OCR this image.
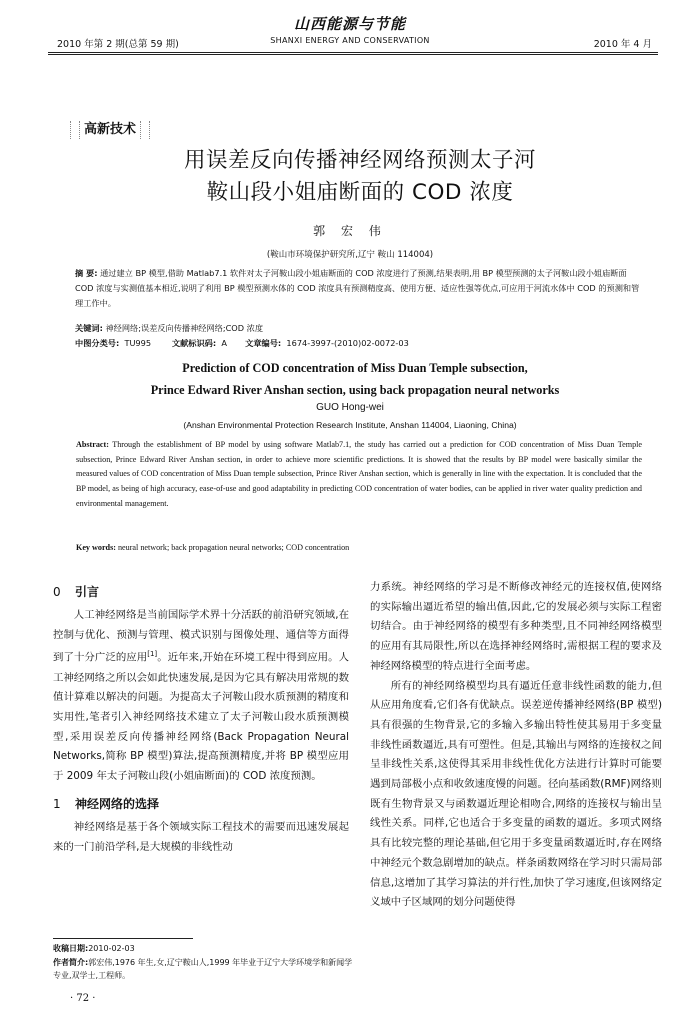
山西能源与节能
2010 年第 2 期(总第 59 期)	SHANXI ENERGY AND CONSERVATION	2010 年 4 月
高新技术
用误差反向传播神经网络预测太子河
鞍山段小姐庙断面的 COD 浓度
郭 宏 伟
(鞍山市环境保护研究所,辽宁 鞍山 114004)
摘 要: 通过建立 BP 模型,借助 Matlab7.1 软件对太子河鞍山段小姐庙断面的 COD 浓度进行了预测,结果表明,用 BP 模型预测的太子河鞍山段小姐庙断面 COD 浓度与实测值基本相近,说明了利用 BP 模型预测水体的 COD 浓度具有预测精度高、使用方便、适应性强等优点,可应用于河流水体中 COD 的预测和管理工作中。
关键词: 神经网络;误差反向传播神经网络;COD 浓度
中图分类号: TU995	文献标识码: A 文章编号: 1674-3997-(2010)02-0072-03
Prediction of COD concentration of Miss Duan Temple subsection,
Prince Edward River Anshan section, using back propagation neural networks
GUO Hong-wei
(Anshan Environmental Protection Research Institute, Anshan 114004, Liaoning, China)
Abstract: Through the establishment of BP model by using software Matlab7.1, the study has carried out a prediction for COD concentration of Miss Duan Temple subsection, Prince Edward River Anshan section, in order to achieve more scientific predictions. It is showed that the results by BP model were basically similar the measured values of COD concentration of Miss Duan temple subsection, Prince River Anshan section, which is generally in line with the expectation. It is concluded that the BP model, as being of high accuracy, ease-of-use and good adaptability in predicting COD concentration of water bodies, can be applied in river water quality prediction and environmental management.
Key words: neural network; back propagation neural networks; COD concentration
0 引言

人工神经网络是当前国际学术界十分活跃的前沿研究领域,在控制与优化、预测与管理、模式识别与图像处理、通信等方面得到了十分广泛的应用[1]。近年来,开始在环境工程中得到应用。人工神经网络之所以会如此快速发展,是因为它具有解决用常规的数值计算难以解决的问题。为提高太子河鞍山段水质预测的精度和实用性,笔者引入神经网络技术建立了太子河鞍山段水质预测模型,采用误差反向传播神经网络(Back Propagation Neural Networks,简称 BP 模型)算法,提高预测精度,并将 BP 模型应用于 2009 年太子河鞍山段(小姐庙断面)的 COD 浓度预测。

1 神经网络的选择

神经网络是基于各个领域实际工程技术的需要而迅速发展起来的一门前沿学科,是大规模的非线性动

力系统。神经网络的学习是不断修改神经元的连接权值,使网络的实际输出逼近希望的输出值,因此,它的发展必须与实际工程密切结合。由于神经网络的模型有多种类型,且不同神经网络模型的应用有其局限性,所以在选择神经网络时,需根据工程的要求及神经网络模型的特点进行全面考虑。

所有的神经网络模型均具有逼近任意非线性函数的能力,但从应用角度看,它们各有优缺点。误差逆传播神经网络(BP 模型)具有很强的生物背景,它的多输入多输出特性使其易用于多变量非线性函数逼近,具有可塑性。但是,其输出与网络的连接权之间呈非线性关系,这使得其采用非线性优化方法进行计算时可能要遇到局部极小点和收敛速度慢的问题。径向基函数(RMF)网络则既有生物背景又与函数逼近理论相吻合,网络的连接权与输出呈线性关系。同样,它也适合于多变量的函数的逼近。多项式网络具有比较完整的理论基础,但它用于多变量函数逼近时,存在网络中神经元个数急剧增加的缺点。样条函数网络在学习时只需局部信息,这增加了其学习算法的并行性,加快了学习速度,但该网络定义域中子区域网的划分问题使得

收稿日期:2010-02-03
作者简介:郭宏伟,1976 年生,女,辽宁鞍山人,1999 年毕业于辽宁大学环境学和新闻学专业,双学士,工程师。
· 72 ·
